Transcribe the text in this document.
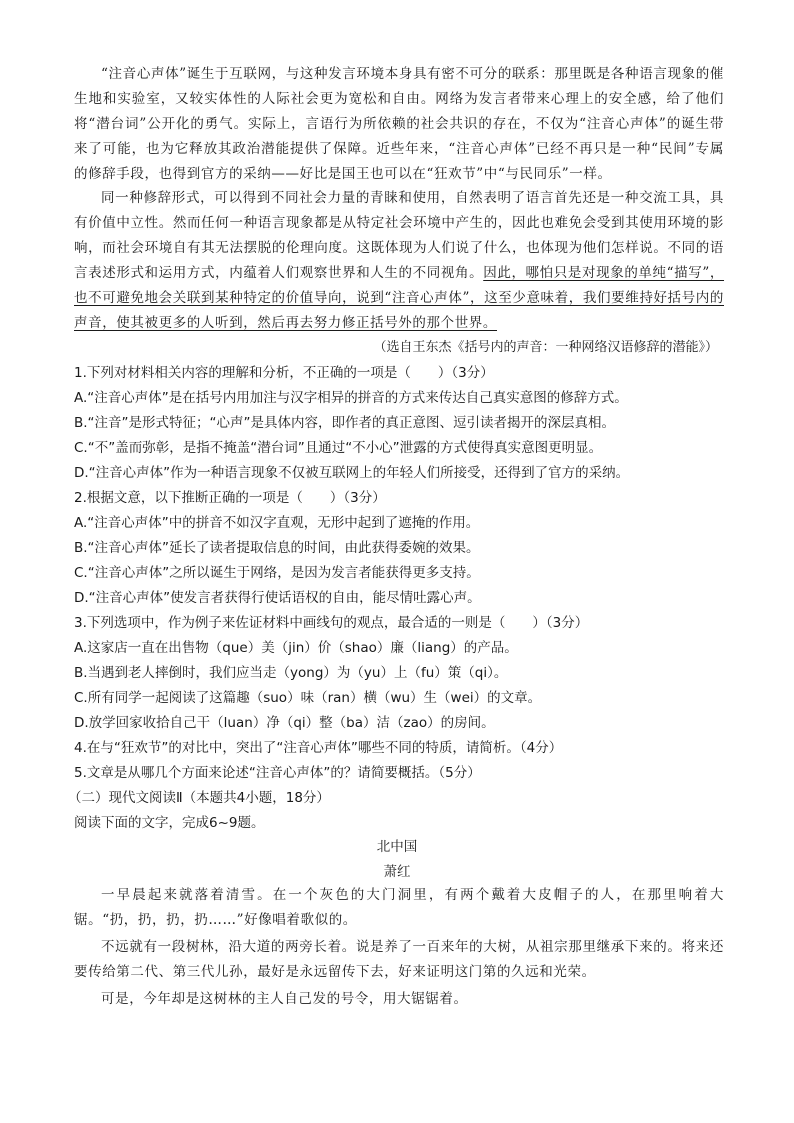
“注音心声体”诞生于互联网，与这种发言环境本身具有密不可分的联系：那里既是各种语言现象的催生地和实验室，又较实体性的人际社会更为宽松和自由。网络为发言者带来心理上的安全感，给了他们将“潜台词”公开化的勇气。实际上，言语行为所依赖的社会共识的存在，不仅为“注音心声体”的诞生带来了可能，也为它释放其政治潜能提供了保障。近些年来，“注音心声体”已经不再只是一种“民间”专属的修辞手段，也得到官方的采纳——好比是国王也可以在“狂欢节”中“与民同乐”一样。

同一种修辞形式，可以得到不同社会力量的青睐和使用，自然表明了语言首先还是一种交流工具，具有价值中立性。然而任何一种语言现象都是从特定社会环境中产生的，因此也难免会受到其使用环境的影响，而社会环境自有其无法摆脱的伦理向度。这既体现为人们说了什么，也体现为他们怎样说。不同的语言表述形式和运用方式，内蕴着人们观察世界和人生的不同视角。因此，哪怕只是对现象的单纯“描写”，也不可避免地会关联到某种特定的价值导向，说到“注音心声体”，这至少意味着，我们要维持好括号内的声音，使其被更多的人听到，然后再去努力修正括号外的那个世界。

（选自王东杰《括号内的声音：一种网络汉语修辞的潜能》）

1.下列对材料相关内容的理解和分析，不正确的一项是（　　）（3分）

A.“注音心声体”是在括号内用加注与汉字相异的拼音的方式来传达自己真实意图的修辞方式。

B.“注音”是形式特征；“心声”是具体内容，即作者的真正意图、逗引读者揭开的深层真相。

C.“不”盖而弥彰，是指不掩盖“潜台词”且通过“不小心”泄露的方式使得真实意图更明显。

D.“注音心声体”作为一种语言现象不仅被互联网上的年轻人们所接受，还得到了官方的采纳。

2.根据文意，以下推断正确的一项是（　　）（3分）

A.“注音心声体”中的拼音不如汉字直观，无形中起到了遮掩的作用。

B.“注音心声体”延长了读者提取信息的时间，由此获得委婉的效果。

C.“注音心声体”之所以诞生于网络，是因为发言者能获得更多支持。

D.“注音心声体”使发言者获得行使话语权的自由，能尽情吐露心声。

3.下列选项中，作为例子来佐证材料中画线句的观点，最合适的一则是（　　）（3分）

A.这家店一直在出售物（que）美（jin）价（shao）廉（liang）的产品。

B.当遇到老人摔倒时，我们应当走（yong）为（yu）上（fu）策（qi）。

C.所有同学一起阅读了这篇趣（suo）味（ran）横（wu）生（wei）的文章。

D.放学回家收拾自己干（luan）净（qi）整（ba）洁（zao）的房间。

4.在与“狂欢节”的对比中，突出了“注音心声体”哪些不同的特质，请简析。（4分）

5.文章是从哪几个方面来论述“注音心声体”的？请简要概括。（5分）

（二）现代文阅读Ⅱ（本题共4小题，18分）

阅读下面的文字，完成6~9题。

北中国

萧红

一早晨起来就落着清雪。在一个灰色的大门洞里，有两个戴着大皮帽子的人，在那里响着大锯。“扔，扔，扔，扔……”好像唱着歌似的。

不远就有一段树林，沿大道的两旁长着。说是养了一百来年的大树，从祖宗那里继承下来的。将来还要传给第二代、第三代儿孙，最好是永远留传下去，好来证明这门第的久远和光荣。

可是，今年却是这树林的主人自己发的号令，用大锯锯着。
